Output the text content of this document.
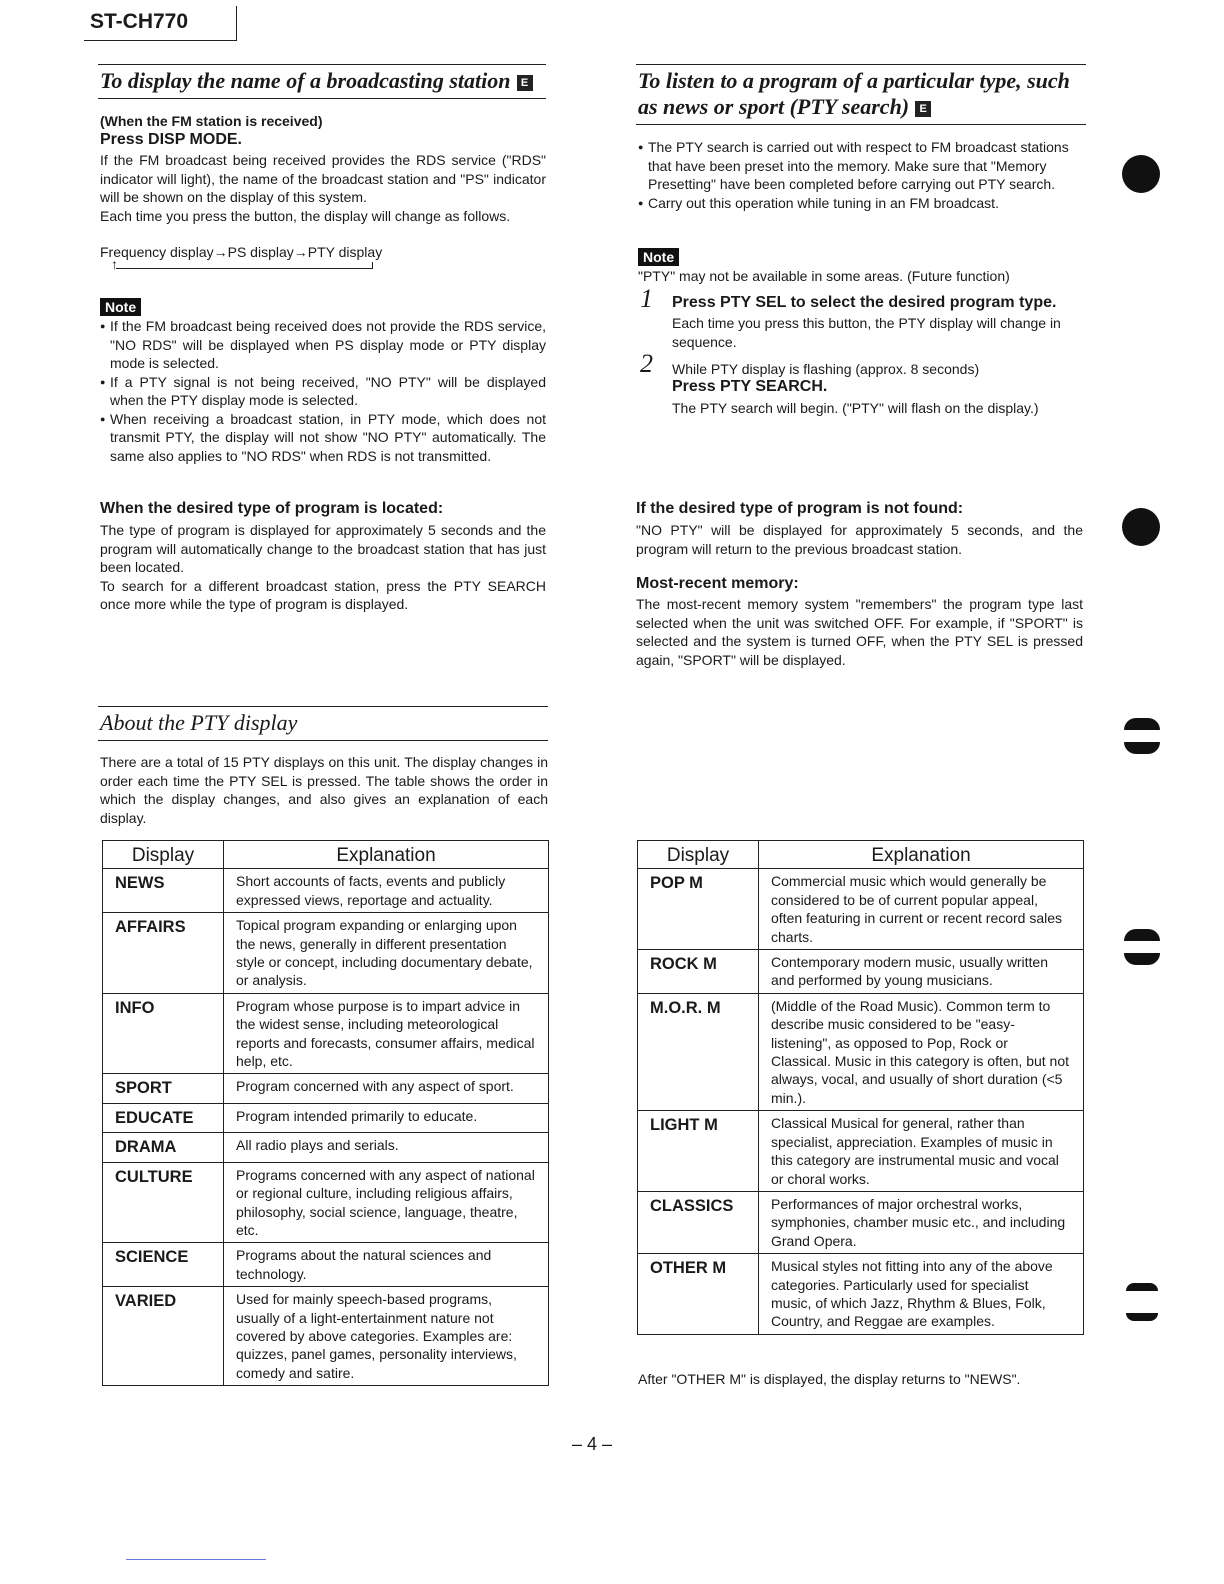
ST-CH770
To display the name of a broadcasting station E
(When the FM station is received)
Press DISP MODE.
If the FM broadcast being received provides the RDS service ("RDS" indicator will light), the name of the broadcast station and "PS" indicator will be shown on the display of this system.
Each time you press the button, the display will change as follows.
Frequency display→PS display→PTY display
↑
Note
● If the FM broadcast being received does not provide the RDS service, "NO RDS" will be displayed when PS display mode or PTY display mode is selected.
● If a PTY signal is not being received, "NO PTY" will be displayed when the PTY display mode is selected.
● When receiving a broadcast station, in PTY mode, which does not transmit PTY, the display will not show "NO PTY" automatically. The same also applies to "NO RDS" when RDS is not transmitted.
When the desired type of program is located:
The type of program is displayed for approximately 5 seconds and the program will automatically change to the broadcast station that has just been located.
To search for a different broadcast station, press the PTY SEARCH once more while the type of program is displayed.
To listen to a program of a particular type, such
as news or sport (PTY search) E
● The PTY search is carried out with respect to FM broadcast stations that have been preset into the memory. Make sure that "Memory Presetting" have been completed before carrying out PTY search.
● Carry out this operation while tuning in an FM broadcast.
Note
"PTY" may not be available in some areas. (Future function)
1 Press PTY SEL to select the desired program type.
Each time you press this button, the PTY display will change in sequence.
2 While PTY display is flashing (approx. 8 seconds)
Press PTY SEARCH.
The PTY search will begin. ("PTY" will flash on the display.)
If the desired type of program is not found:
"NO PTY" will be displayed for approximately 5 seconds, and the program will return to the previous broadcast station.
Most-recent memory:
The most-recent memory system "remembers" the program type last selected when the unit was switched OFF. For example, if "SPORT" is selected and the system is turned OFF, when the PTY SEL is pressed again, "SPORT" will be displayed.
About the PTY display
There are a total of 15 PTY displays on this unit. The display changes in order each time the PTY SEL is pressed. The table shows the order in which the display changes, and also gives an explanation of each display.
Display	Explanation
NEWS	Short accounts of facts, events and publicly expressed views, reportage and actuality.
AFFAIRS	Topical program expanding or enlarging upon the news, generally in different presentation style or concept, including documentary debate, or analysis.
INFO	Program whose purpose is to impart advice in the widest sense, including meteorological reports and forecasts, consumer affairs, medical help, etc.
SPORT	Program concerned with any aspect of sport.
EDUCATE	Program intended primarily to educate.
DRAMA	All radio plays and serials.
CULTURE	Programs concerned with any aspect of national or regional culture, including religious affairs, philosophy, social science, language, theatre, etc.
SCIENCE	Programs about the natural sciences and technology.
VARIED	Used for mainly speech-based programs, usually of a light-entertainment nature not covered by above categories. Examples are: quizzes, panel games, personality interviews, comedy and satire.
Display	Explanation
POP M	Commercial music which would generally be considered to be of current popular appeal, often featuring in current or recent record sales charts.
ROCK M	Contemporary modern music, usually written and performed by young musicians.
M.O.R. M	(Middle of the Road Music). Common term to describe music considered to be "easy-listening", as opposed to Pop, Rock or Classical. Music in this category is often, but not always, vocal, and usually of short duration (<5 min.).
LIGHT M	Classical Musical for general, rather than specialist, appreciation. Examples of music in this category are instrumental music and vocal or choral works.
CLASSICS	Performances of major orchestral works, symphonies, chamber music etc., and including Grand Opera.
OTHER M	Musical styles not fitting into any of the above categories. Particularly used for specialist music, of which Jazz, Rhythm & Blues, Folk, Country, and Reggae are examples.
After "OTHER M" is displayed, the display returns to "NEWS".
– 4 –
